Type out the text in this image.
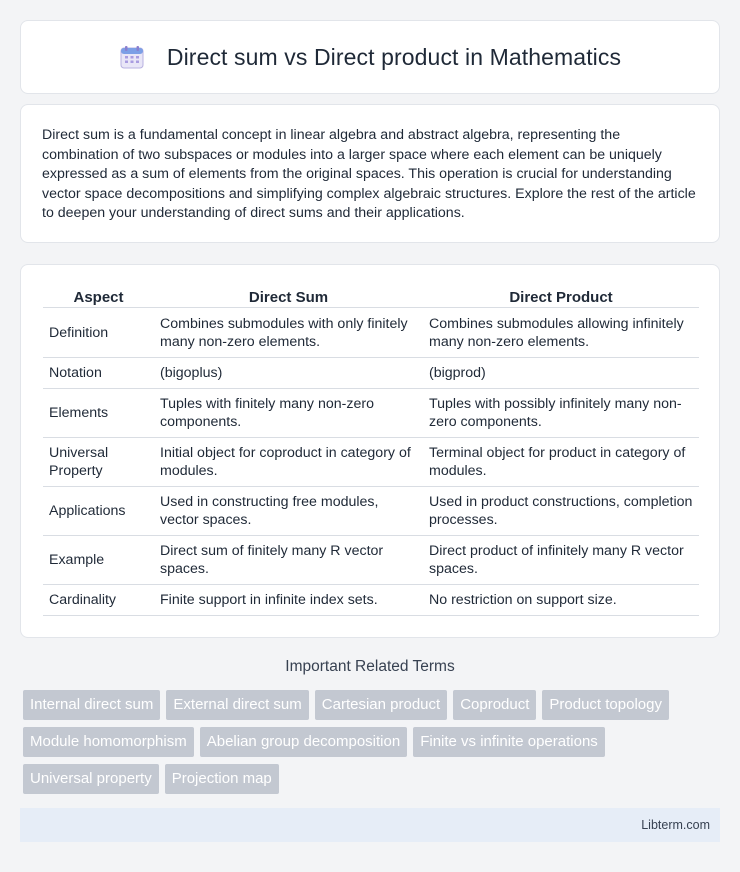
Direct sum vs Direct product in Mathematics

Direct sum is a fundamental concept in linear algebra and abstract algebra, representing the combination of two subspaces or modules into a larger space where each element can be uniquely expressed as a sum of elements from the original spaces. This operation is crucial for understanding vector space decompositions and simplifying complex algebraic structures. Explore the rest of the article to deepen your understanding of direct sums and their applications.

Aspect	Direct Sum	Direct Product
Definition	Combines submodules with only finitely many non-zero elements.	Combines submodules allowing infinitely many non-zero elements.
Notation	(bigoplus)	(bigprod)
Elements	Tuples with finitely many non-zero components.	Tuples with possibly infinitely many non-zero components.
Universal Property	Initial object for coproduct in category of modules.	Terminal object for product in category of modules.
Applications	Used in constructing free modules, vector spaces.	Used in product constructions, completion processes.
Example	Direct sum of finitely many R vector spaces.	Direct product of infinitely many R vector spaces.
Cardinality	Finite support in infinite index sets.	No restriction on support size.
Important Related Terms
Internal direct sum	External direct sum	Cartesian product	Coproduct	Product topology
Module homomorphism	Abelian group decomposition	Finite vs infinite operations
Universal property	Projection map
Libterm.com
